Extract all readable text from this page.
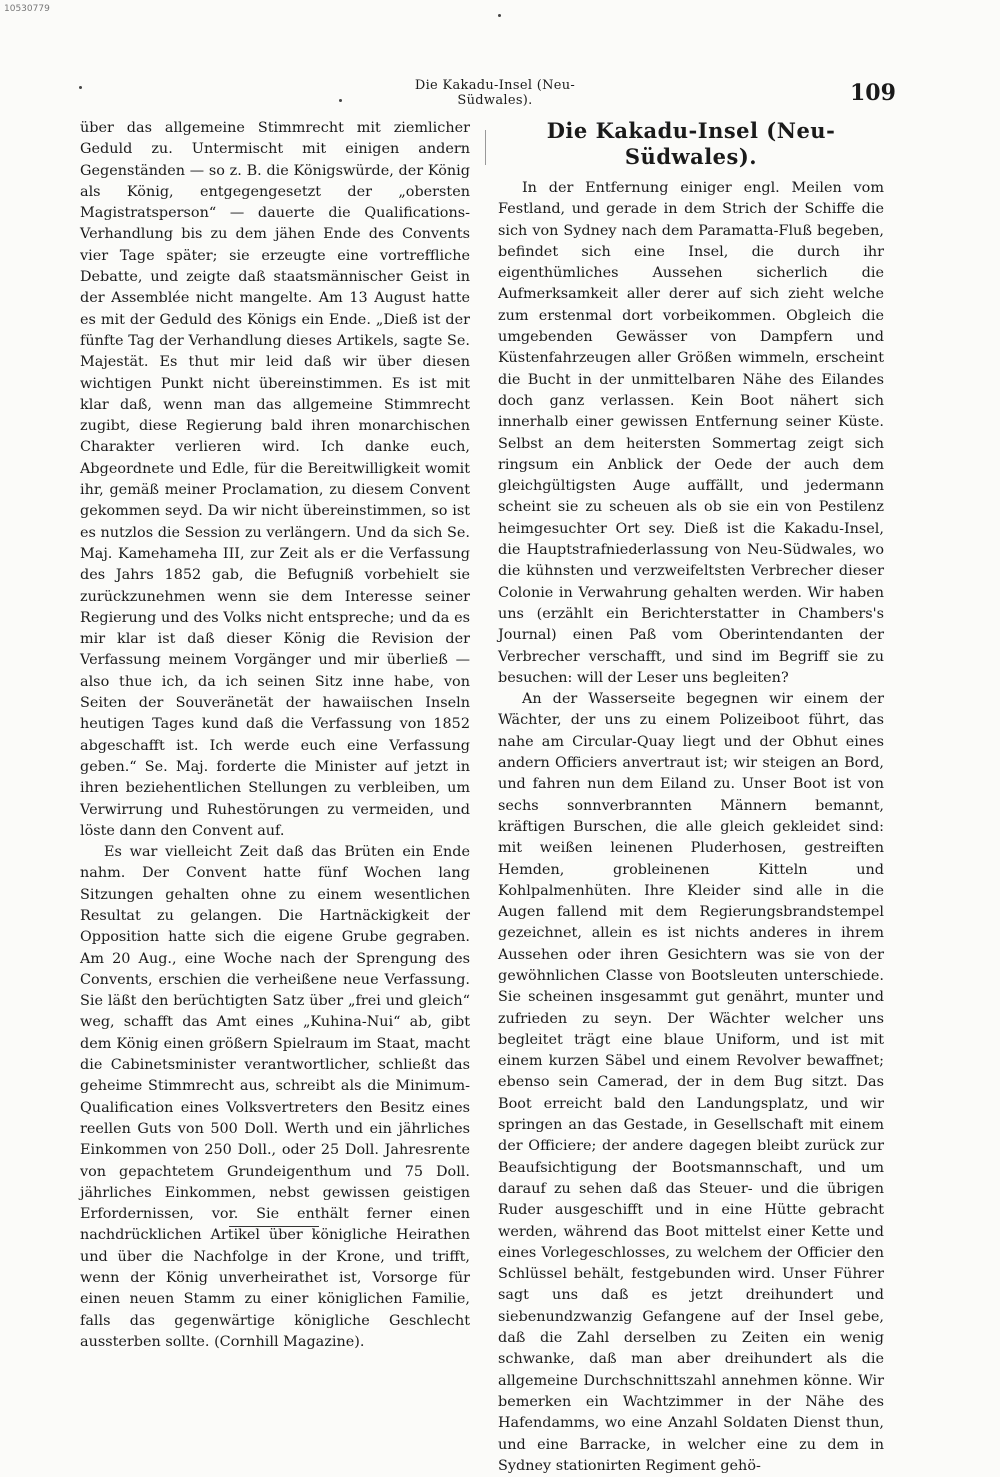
10530779
Die Kakadu-Insel (Neu-Südwales).	109

über das allgemeine Stimmrecht mit ziemlicher Geduld zu. Untermischt mit einigen andern Gegenständen — so z. B. die Königswürde, der König als König, entgegengesetzt der „obersten Magistratsperson“ — dauerte die Qualifications-Verhandlung bis zu dem jähen Ende des Convents vier Tage später; sie erzeugte eine vortreffliche Debatte, und zeigte daß staatsmännischer Geist in der Assemblée nicht mangelte. Am 13 August hatte es mit der Geduld des Königs ein Ende. „Dieß ist der fünfte Tag der Verhandlung dieses Artikels, sagte Se. Majestät. Es thut mir leid daß wir über diesen wichtigen Punkt nicht übereinstimmen. Es ist mit klar daß, wenn man das allgemeine Stimmrecht zugibt, diese Regierung bald ihren monarchischen Charakter verlieren wird. Ich danke euch, Abgeordnete und Edle, für die Bereitwilligkeit womit ihr, gemäß meiner Proclamation, zu diesem Convent gekommen seyd. Da wir nicht übereinstimmen, so ist es nutzlos die Session zu verlängern. Und da sich Se. Maj. Kamehameha III, zur Zeit als er die Verfassung des Jahrs 1852 gab, die Befugniß vorbehielt sie zurückzunehmen wenn sie dem Interesse seiner Regierung und des Volks nicht entspreche; und da es mir klar ist daß dieser König die Revision der Verfassung meinem Vorgänger und mir überließ — also thue ich, da ich seinen Sitz inne habe, von Seiten der Souveränetät der hawaiischen Inseln heutigen Tages kund daß die Verfassung von 1852 abgeschafft ist. Ich werde euch eine Verfassung geben.“ Se. Maj. forderte die Minister auf jetzt in ihren beziehentlichen Stellungen zu verbleiben, um Verwirrung und Ruhestörungen zu vermeiden, und löste dann den Convent auf.

Es war vielleicht Zeit daß das Brüten ein Ende nahm. Der Convent hatte fünf Wochen lang Sitzungen gehalten ohne zu einem wesentlichen Resultat zu gelangen. Die Hartnäckigkeit der Opposition hatte sich die eigene Grube gegraben. Am 20 Aug., eine Woche nach der Sprengung des Convents, erschien die verheißene neue Verfassung. Sie läßt den berüchtigten Satz über „frei und gleich“ weg, schafft das Amt eines „Kuhina-Nui“ ab, gibt dem König einen größern Spielraum im Staat, macht die Cabinetsminister verantwortlicher, schließt das geheime Stimmrecht aus, schreibt als die Minimum-Qualification eines Volksvertreters den Besitz eines reellen Guts von 500 Doll. Werth und ein jährliches Einkommen von 250 Doll., oder 25 Doll. Jahresrente von gepachtetem Grundeigenthum und 75 Doll. jährliches Einkommen, nebst gewissen geistigen Erfordernissen, vor. Sie enthält ferner einen nachdrücklichen Artikel über königliche Heirathen und über die Nachfolge in der Krone, und trifft, wenn der König unverheirathet ist, Vorsorge für einen neuen Stamm zu einer königlichen Familie, falls das gegenwärtige königliche Geschlecht aussterben sollte. (Cornhill Magazine).

Die Kakadu-Insel (Neu-Südwales).

In der Entfernung einiger engl. Meilen vom Festland, und gerade in dem Strich der Schiffe die sich von Sydney nach dem Paramatta-Fluß begeben, befindet sich eine Insel, die durch ihr eigenthümliches Aussehen sicherlich die Aufmerksamkeit aller derer auf sich zieht welche zum erstenmal dort vorbeikommen. Obgleich die umgebenden Gewässer von Dampfern und Küstenfahrzeugen aller Größen wimmeln, erscheint die Bucht in der unmittelbaren Nähe des Eilandes doch ganz verlassen. Kein Boot nähert sich innerhalb einer gewissen Entfernung seiner Küste. Selbst an dem heitersten Sommertag zeigt sich ringsum ein Anblick der Oede der auch dem gleichgültigsten Auge auffällt, und jedermann scheint sie zu scheuen als ob sie ein von Pestilenz heimgesuchter Ort sey. Dieß ist die Kakadu-Insel, die Hauptstrafniederlassung von Neu-Südwales, wo die kühnsten und verzweifeltsten Verbrecher dieser Colonie in Verwahrung gehalten werden. Wir haben uns (erzählt ein Berichterstatter in Chambers's Journal) einen Paß vom Oberintendanten der Verbrecher verschafft, und sind im Begriff sie zu besuchen: will der Leser uns begleiten?

An der Wasserseite begegnen wir einem der Wächter, der uns zu einem Polizeiboot führt, das nahe am Circular-Quay liegt und der Obhut eines andern Officiers anvertraut ist; wir steigen an Bord, und fahren nun dem Eiland zu. Unser Boot ist von sechs sonnverbrannten Männern bemannt, kräftigen Burschen, die alle gleich gekleidet sind: mit weißen leinenen Pluderhosen, gestreiften Hemden, grobleinenen Kitteln und Kohlpalmenhüten. Ihre Kleider sind alle in die Augen fallend mit dem Regierungsbrandstempel gezeichnet, allein es ist nichts anderes in ihrem Aussehen oder ihren Gesichtern was sie von der gewöhnlichen Classe von Bootsleuten unterschiede. Sie scheinen insgesammt gut genährt, munter und zufrieden zu seyn. Der Wächter welcher uns begleitet trägt eine blaue Uniform, und ist mit einem kurzen Säbel und einem Revolver bewaffnet; ebenso sein Camerad, der in dem Bug sitzt. Das Boot erreicht bald den Landungsplatz, und wir springen an das Gestade, in Gesellschaft mit einem der Officiere; der andere dagegen bleibt zurück zur Beaufsichtigung der Bootsmannschaft, und um darauf zu sehen daß das Steuer- und die übrigen Ruder ausgeschifft und in eine Hütte gebracht werden, während das Boot mittelst einer Kette und eines Vorlegeschlosses, zu welchem der Officier den Schlüssel behält, festgebunden wird. Unser Führer sagt uns daß es jetzt dreihundert und siebenundzwanzig Gefangene auf der Insel gebe, daß die Zahl derselben zu Zeiten ein wenig schwanke, daß man aber dreihundert als die allgemeine Durchschnittszahl annehmen könne. Wir bemerken ein Wachtzimmer in der Nähe des Hafendamms, wo eine Anzahl Soldaten Dienst thun, und eine Barracke, in welcher eine zu dem in Sydney stationirten Regiment gehö-
